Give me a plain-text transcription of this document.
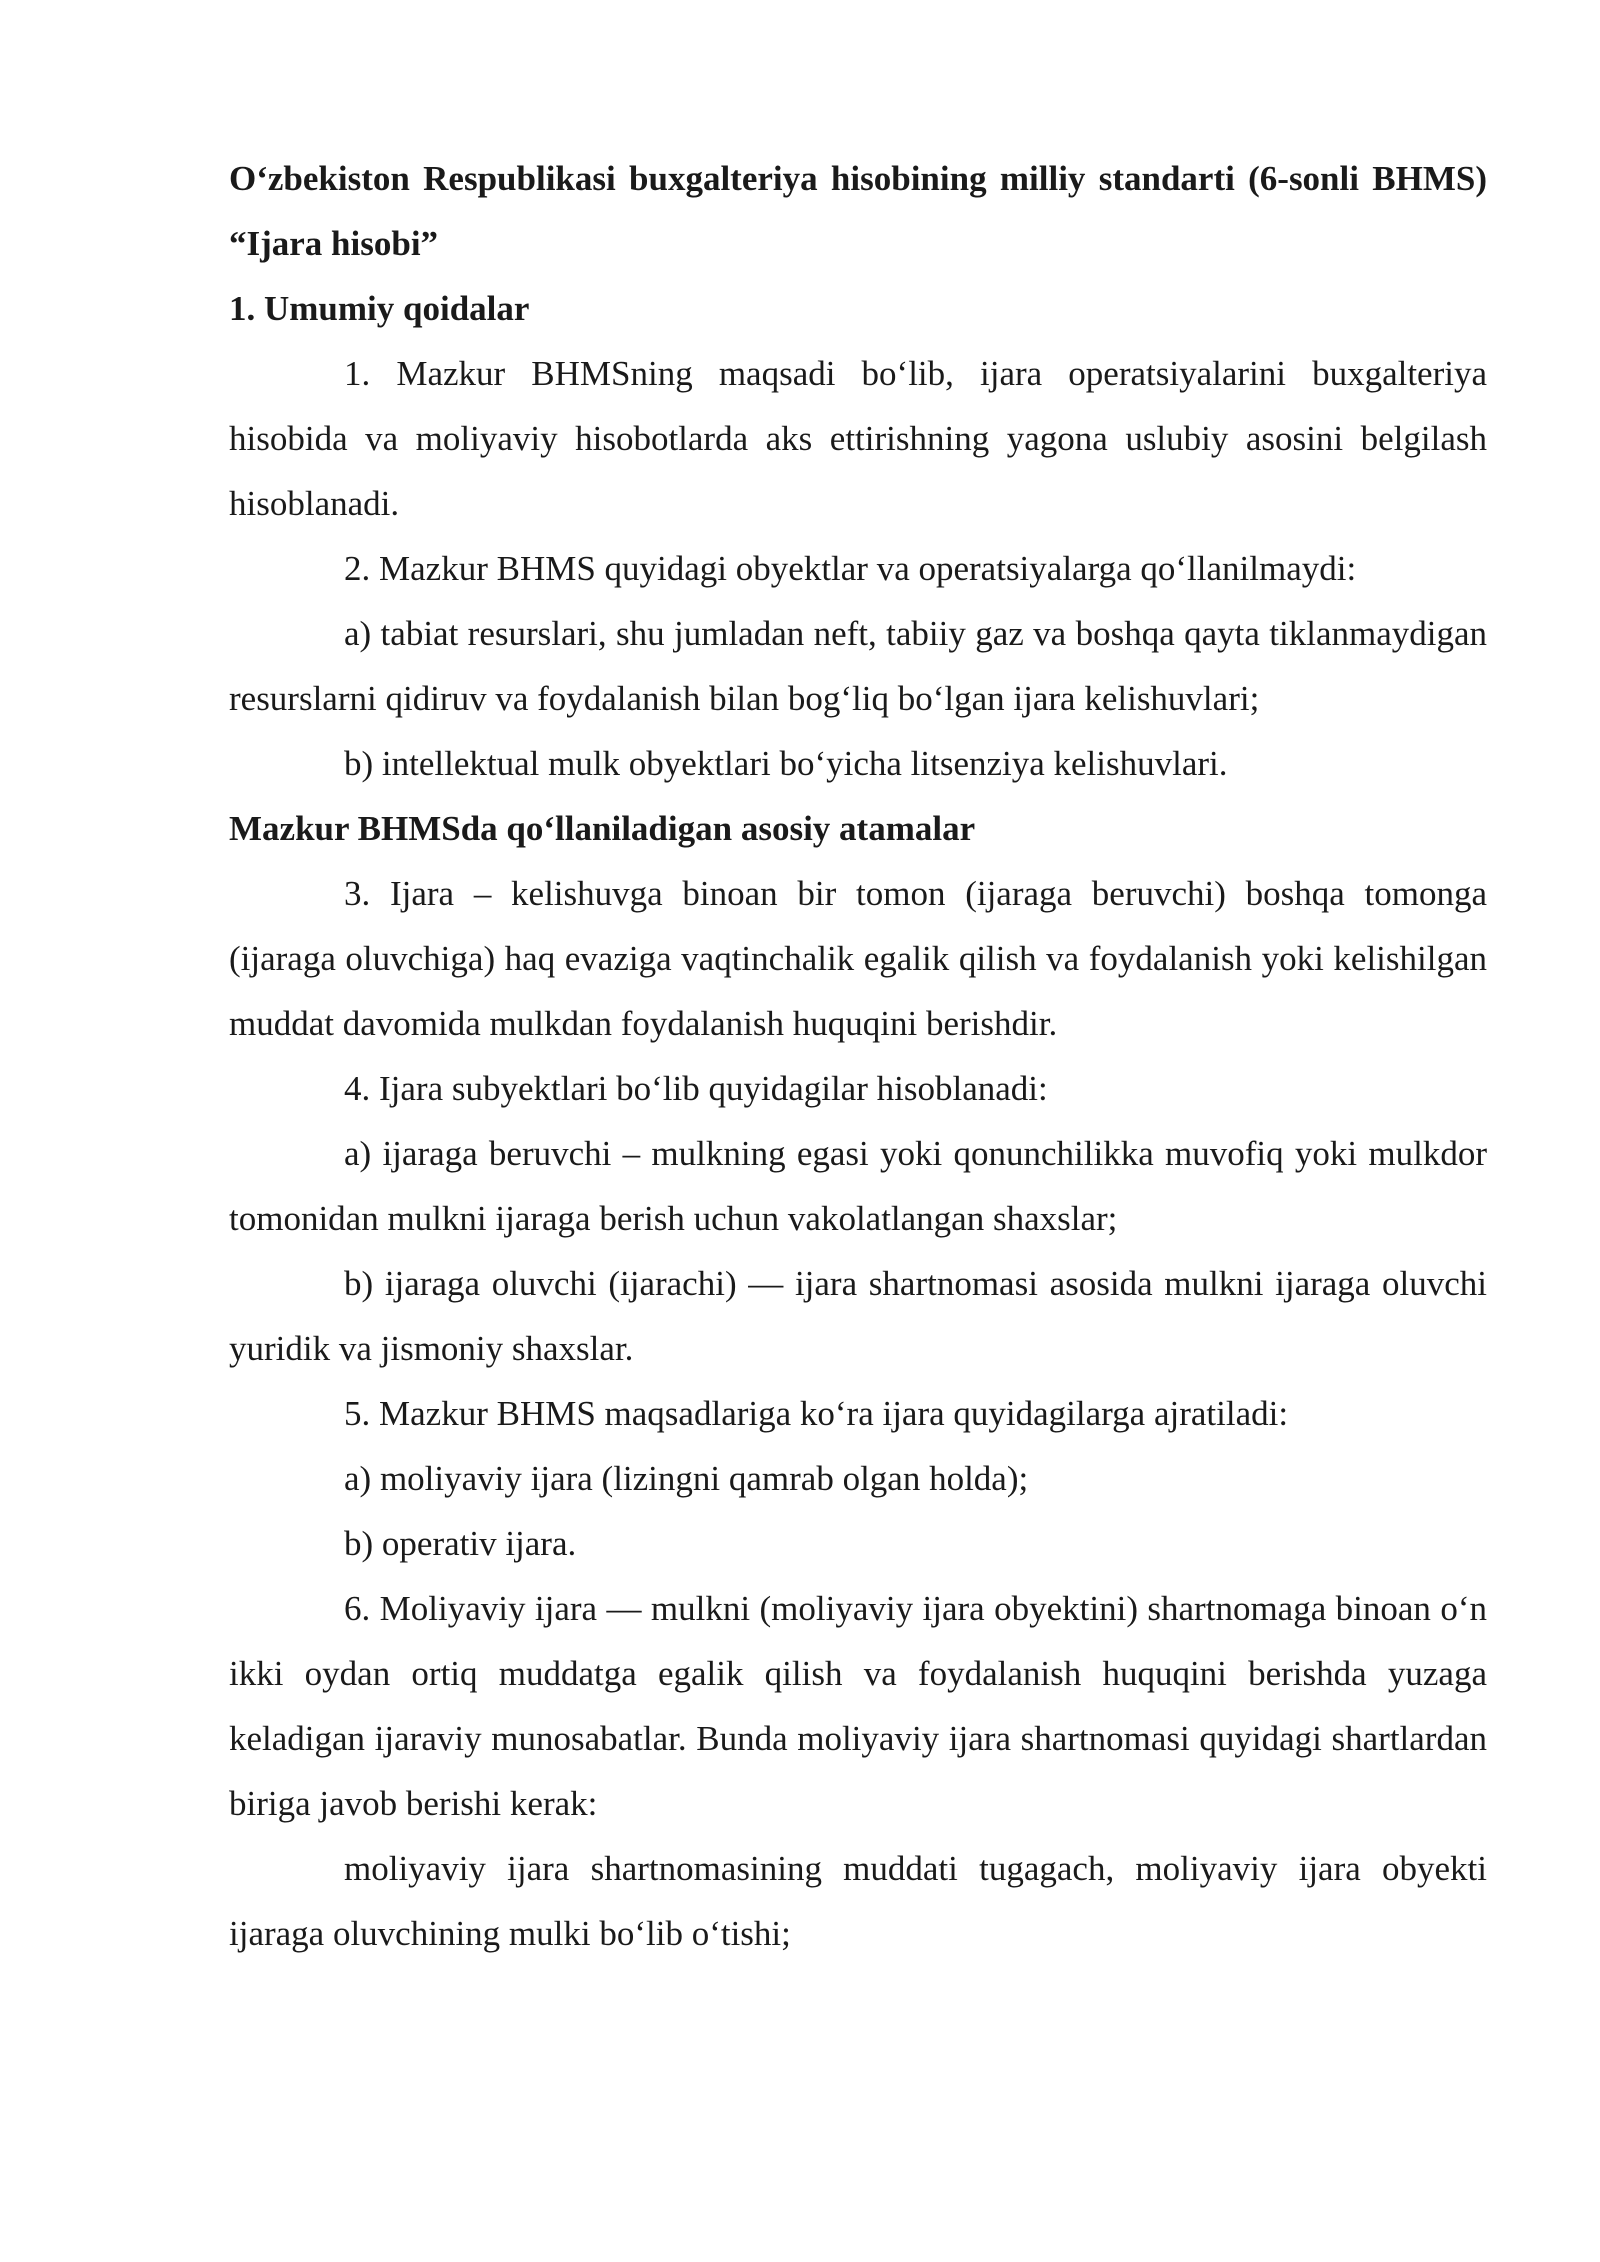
O‘zbekiston Respublikasi buxgalteriya hisobining milliy standarti (6-sonli BHMS) “Ijara hisobi”

1. Umumiy qoidalar

1. Mazkur BHMSning maqsadi bo‘lib, ijara operatsiyalarini buxgalteriya hisobida va moliyaviy hisobotlarda aks ettirishning yagona uslubiy asosini belgilash hisoblanadi.

2. Mazkur BHMS quyidagi obyektlar va operatsiyalarga qo‘llanilmaydi:

a) tabiat resurslari, shu jumladan neft, tabiiy gaz va boshqa qayta tiklanmaydigan resurslarni qidiruv va foydalanish bilan bog‘liq bo‘lgan ijara kelishuvlari;

b) intellektual mulk obyektlari bo‘yicha litsenziya kelishuvlari.

Mazkur BHMSda qo‘llaniladigan asosiy atamalar

3. Ijara – kelishuvga binoan bir tomon (ijaraga beruvchi) boshqa tomonga (ijaraga oluvchiga) haq evaziga vaqtinchalik egalik qilish va foydalanish yoki kelishilgan muddat davomida mulkdan foydalanish huquqini berishdir.

4. Ijara subyektlari bo‘lib quyidagilar hisoblanadi:

a) ijaraga beruvchi – mulkning egasi yoki qonunchilikka muvofiq yoki mulkdor tomonidan mulkni ijaraga berish uchun vakolatlangan shaxslar;

b) ijaraga oluvchi (ijarachi) — ijara shartnomasi asosida mulkni ijaraga oluvchi yuridik va jismoniy shaxslar.

5. Mazkur BHMS maqsadlariga ko‘ra ijara quyidagilarga ajratiladi:

a) moliyaviy ijara (lizingni qamrab olgan holda);

b) operativ ijara.

6. Moliyaviy ijara — mulkni (moliyaviy ijara obyektini) shartnomaga binoan o‘n ikki oydan ortiq muddatga egalik qilish va foydalanish huquqini berishda yuzaga keladigan ijaraviy munosabatlar. Bunda moliyaviy ijara shartnomasi quyidagi shartlardan biriga javob berishi kerak:

moliyaviy ijara shartnomasining muddati tugagach, moliyaviy ijara obyekti ijaraga oluvchining mulki bo‘lib o‘tishi;
